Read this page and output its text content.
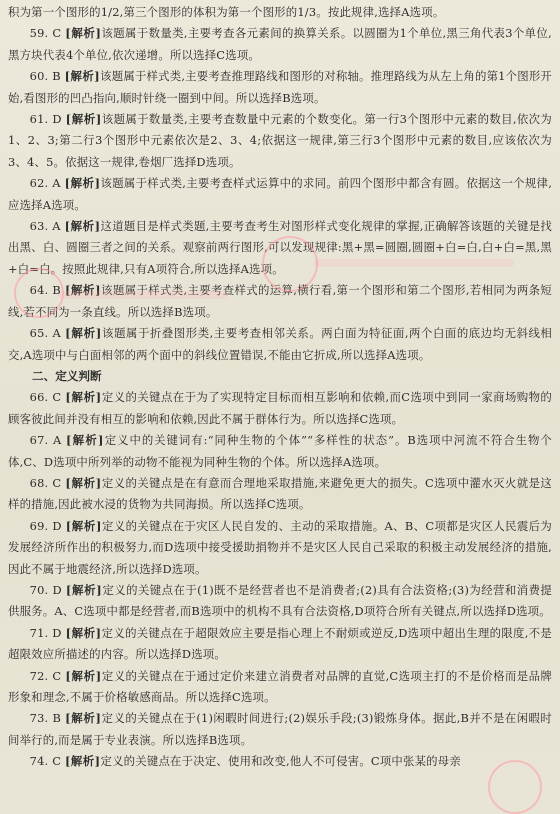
积为第一个图形的1/2,第三个图形的体积为第一个图形的1/3。按此规律,选择A选项。

59. C [解析]该题属于数量类,主要考查各元素间的换算关系。以圆圈为1个单位,黑三角代表3个单位,黑方块代表4个单位,依次递增。所以选择C选项。

60. B [解析]该题属于样式类,主要考查推理路线和图形的对称轴。推理路线为从左上角的第1个图形开始,看图形的凹凸指向,顺时针绕一圈到中间。所以选择B选项。

61. D [解析]该题属于数量类,主要考查数量中元素的个数变化。第一行3个图形中元素的数目,依次为1、2、3;第二行3个图形中元素依次是2、3、4;依据这一规律,第三行3个图形中元素的数目,应该依次为3、4、5。依据这一规律,卷烟厂选择D选项。

62. A [解析]该题属于样式类,主要考查样式运算中的求同。前四个图形中都含有圆。依据这一个规律,应选择A选项。

63. A [解析]这道题目是样式类题,主要考查考生对图形样式变化规律的掌握,正确解答该题的关键是找出黑、白、圆圈三者之间的关系。观察前两行图形,可以发现规律:黑+黑=圆圈,圆圈+白=白,白+白=黑,黑+白=白。按照此规律,只有A项符合,所以选择A选项。

64. B [解析]该题属于样式类,主要考查样式的运算,横行看,第一个图形和第二个图形,若相同为两条短线,若不同为一条直线。所以选择B选项。

65. A [解析]该题属于折叠图形类,主要考查相邻关系。两白面为特征面,两个白面的底边均无斜线相交,A选项中与白面相邻的两个面中的斜线位置错误,不能由它折成,所以选择A选项。

二、定义判断

66. C [解析]定义的关键点在于为了实现特定目标而相互影响和依赖,而C选项中到同一家商场购物的顾客彼此间并没有相互的影响和依赖,因此不属于群体行为。所以选择C选项。

67. A [解析]定义中的关键词有:“同种生物的个体”“多样性的状态”。B选项中河流不符合生物个体,C、D选项中所列举的动物不能视为同种生物的个体。所以选择A选项。

68. C [解析]定义的关键点是在有意而合理地采取措施,来避免更大的损失。C选项中灌水灭火就是这样的措施,因此被水浸的货物为共同海损。所以选择C选项。

69. D [解析]定义的关键点在于灾区人民自发的、主动的采取措施。A、B、C项都是灾区人民震后为发展经济所作出的积极努力,而D选项中接受援助捐物并不是灾区人民自己采取的积极主动发展经济的措施,因此不属于地震经济,所以选择D选项。

70. D [解析]定义的关键点在于(1)既不是经营者也不是消费者;(2)具有合法资格;(3)为经营和消费提供服务。A、C选项中都是经营者,而B选项中的机构不具有合法资格,D项符合所有关键点,所以选择D选项。

71. D [解析]定义的关键点在于超限效应主要是指心理上不耐烦或逆反,D选项中超出生理的限度,不是超限效应所描述的内容。所以选择D选项。

72. C [解析]定义的关键点在于通过定价来建立消费者对品牌的直觉,C选项主打的不是价格而是品牌形象和理念,不属于价格敏感商品。所以选择C选项。

73. B [解析]定义的关键点在于(1)闲暇时间进行;(2)娱乐手段;(3)锻炼身体。据此,B并不是在闲暇时间举行的,而是属于专业表演。所以选择B选项。

74. C [解析]定义的关键点在于决定、使用和改变,他人不可侵害。C项中张某的母亲
